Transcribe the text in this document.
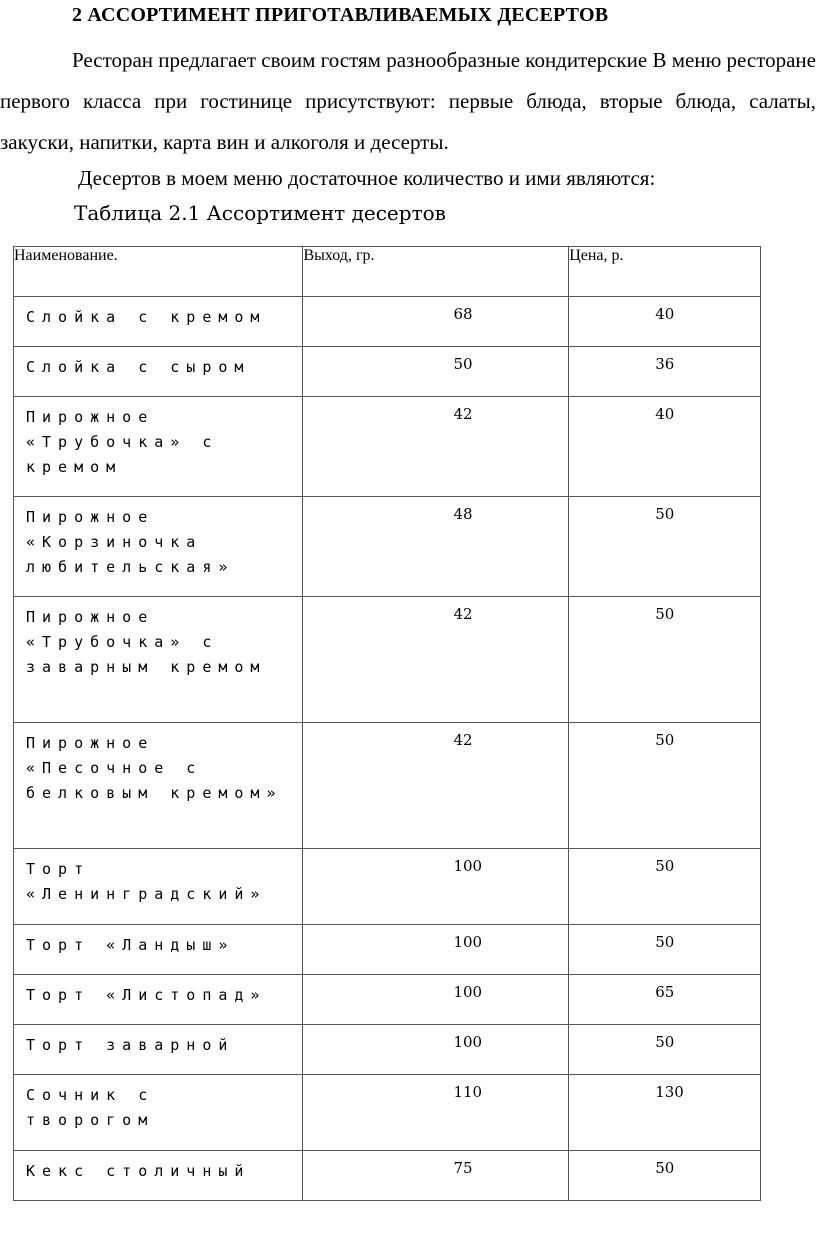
2 АССОРТИМЕНТ ПРИГОТАВЛИВАЕМЫХ ДЕСЕРТОВ

Ресторан предлагает своим гостям разнообразные кондитерские В меню ресторане первого класса при гостинице присутствуют: первые блюда, вторые блюда, салаты, закуски, напитки, карта вин и алкоголя и десерты.

Десертов в моем меню достаточное количество и ими являются:

Таблица 2.1 Ассортимент десертов
Наименование.	Выход, гр.	Цена, р.
Слойка с кремом	68	40
Слойка с сыром	50	36
Пирожное «Трубочка» с кремом	42	40
Пирожное «Корзиночка любительская»	48	50
Пирожное «Трубочка» с заварным кремом	42	50
Пирожное «Песочное с белковым кремом»	42	50
Торт «Ленинградский»	100	50
Торт «Ландыш»	100	50
Торт «Листопад»	100	65
Торт заварной	100	50
Сочник с творогом	110	130
Кекс столичный	75	50
